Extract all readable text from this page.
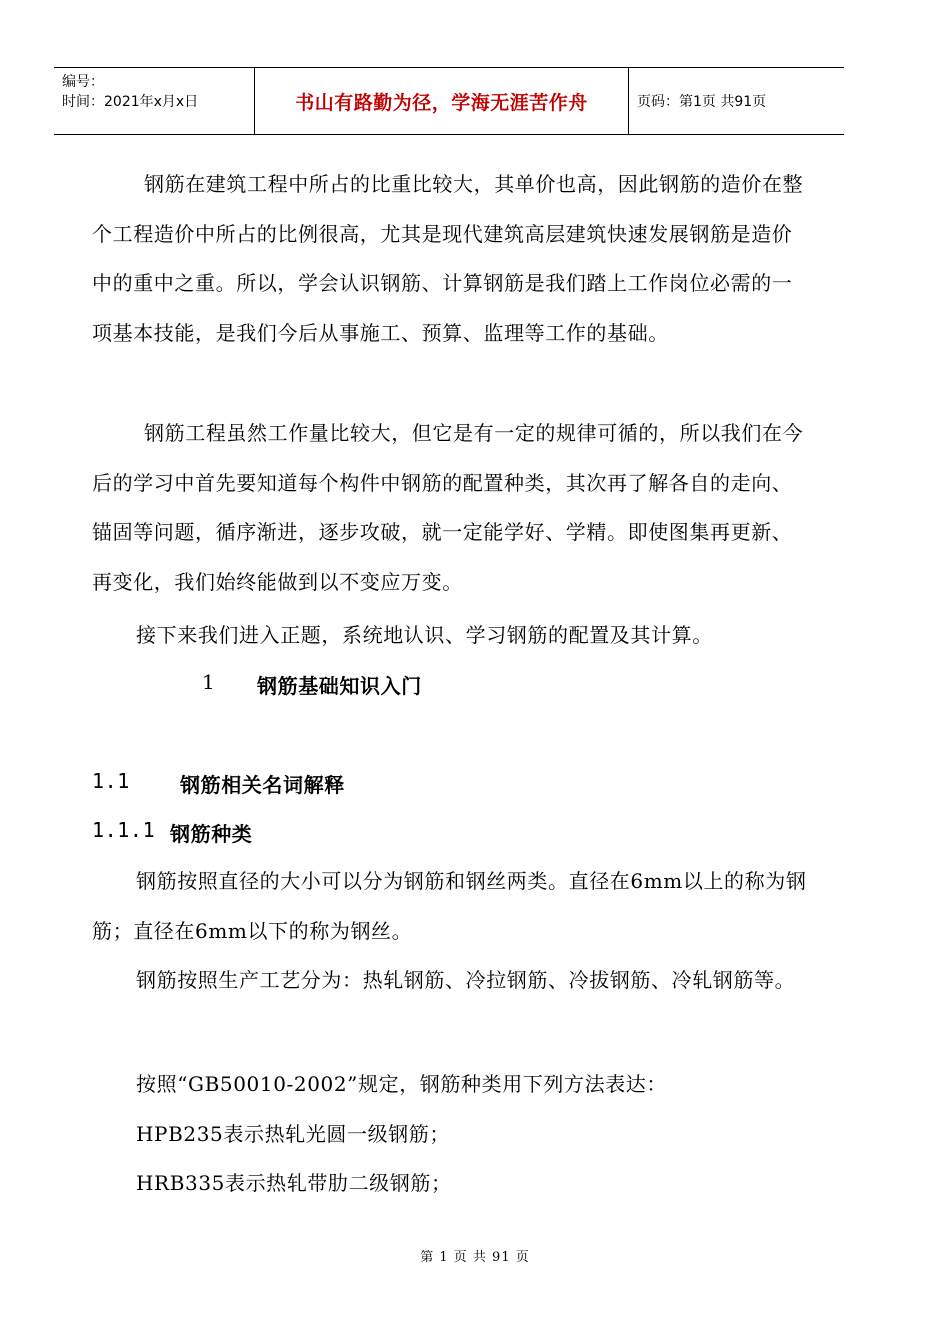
编号：
时间：2021年x月x日	书山有路勤为径，学海无涯苦作舟	页码：第1页 共91页

钢筋在建筑工程中所占的比重比较大，其单价也高，因此钢筋的造价在整个工程造价中所占的比例很高，尤其是现代建筑高层建筑快速发展钢筋是造价中的重中之重。所以，学会认识钢筋、计算钢筋是我们踏上工作岗位必需的一项基本技能，是我们今后从事施工、预算、监理等工作的基础。

钢筋工程虽然工作量比较大，但它是有一定的规律可循的，所以我们在今后的学习中首先要知道每个构件中钢筋的配置种类，其次再了解各自的走向、锚固等问题，循序渐进，逐步攻破，就一定能学好、学精。即使图集再更新、再变化，我们始终能做到以不变应万变。

接下来我们进入正题，系统地认识、学习钢筋的配置及其计算。

1 钢筋基础知识入门
1.1	钢筋相关名词解释
1.1.1 钢筋种类

钢筋按照直径的大小可以分为钢筋和钢丝两类。直径在6mm以上的称为钢筋；直径在6mm以下的称为钢丝。

钢筋按照生产工艺分为：热轧钢筋、冷拉钢筋、冷拔钢筋、冷轧钢筋等。

按照“GB50010-2002”规定，钢筋种类用下列方法表达：

HPB235表示热轧光圆一级钢筋；

HRB335表示热轧带肋二级钢筋；

第 1 页 共 91 页
